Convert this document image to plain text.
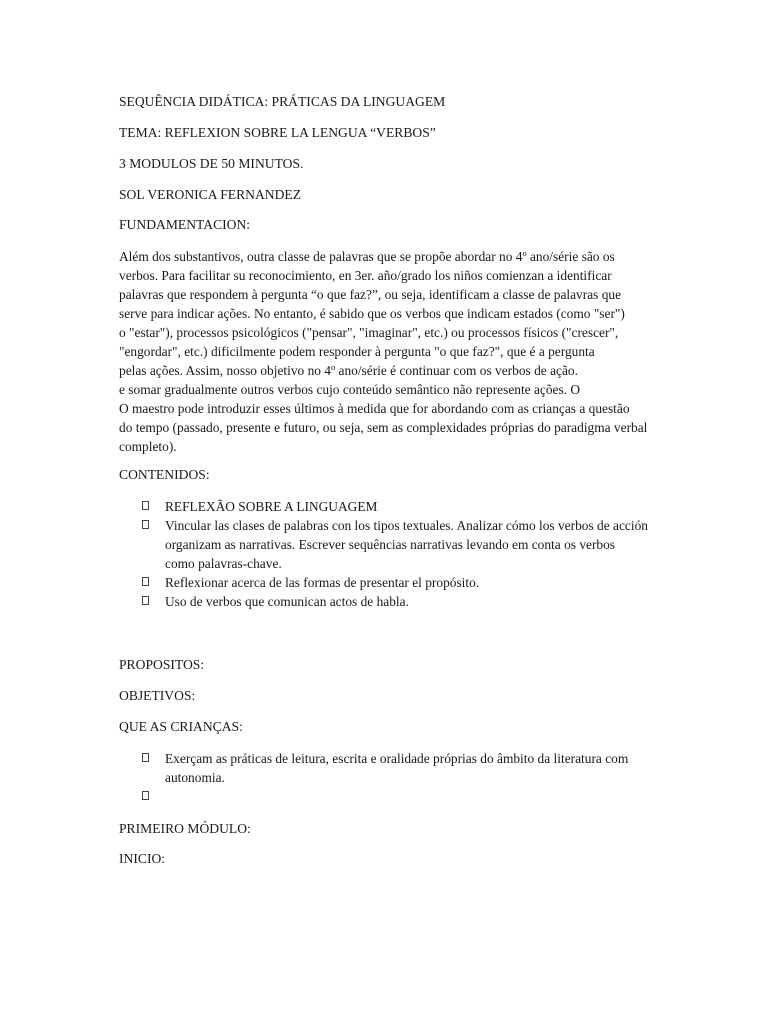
SEQUÊNCIA DIDÁTICA: PRÁTICAS DA LINGUAGEM
TEMA: REFLEXION SOBRE LA LENGUA “VERBOS”
3 MODULOS DE 50 MINUTOS.
SOL VERONICA FERNANDEZ
FUNDAMENTACION:
Além dos substantivos, outra classe de palavras que se propõe abordar no 4º ano/série são os
verbos. Para facilitar su reconocimiento, en 3er. año/grado los niños comienzan a identificar
palavras que respondem à pergunta “o que faz?”, ou seja, identificam a classe de palavras que
serve para indicar ações. No entanto, é sabido que os verbos que indicam estados (como "ser")
o "estar"), processos psicológicos ("pensar", "imaginar", etc.) ou processos físicos ("crescer",
"engordar", etc.) dificilmente podem responder à pergunta "o que faz?", que é a pergunta
pelas ações. Assim, nosso objetivo no 4º ano/série é continuar com os verbos de ação.
e somar gradualmente outros verbos cujo conteúdo semântico não represente ações. O
O maestro pode introduzir esses últimos à medida que for abordando com as crianças a questão
do tempo (passado, presente e futuro, ou seja, sem as complexidades próprias do paradigma verbal
completo).
CONTENIDOS:
REFLEXÃO SOBRE A LINGUAGEM
Vincular las clases de palabras con los tipos textuales. Analizar cómo los verbos de acción
organizam as narrativas. Escrever sequências narrativas levando em conta os verbos
como palavras-chave.
Reflexionar acerca de las formas de presentar el propósito.
Uso de verbos que comunican actos de habla.
PROPOSITOS:
OBJETIVOS:
QUE AS CRIANÇAS:
Exerçam as práticas de leitura, escrita e oralidade próprias do âmbito da literatura com
autonomia.
PRIMEIRO MÓDULO:
INICIO:
